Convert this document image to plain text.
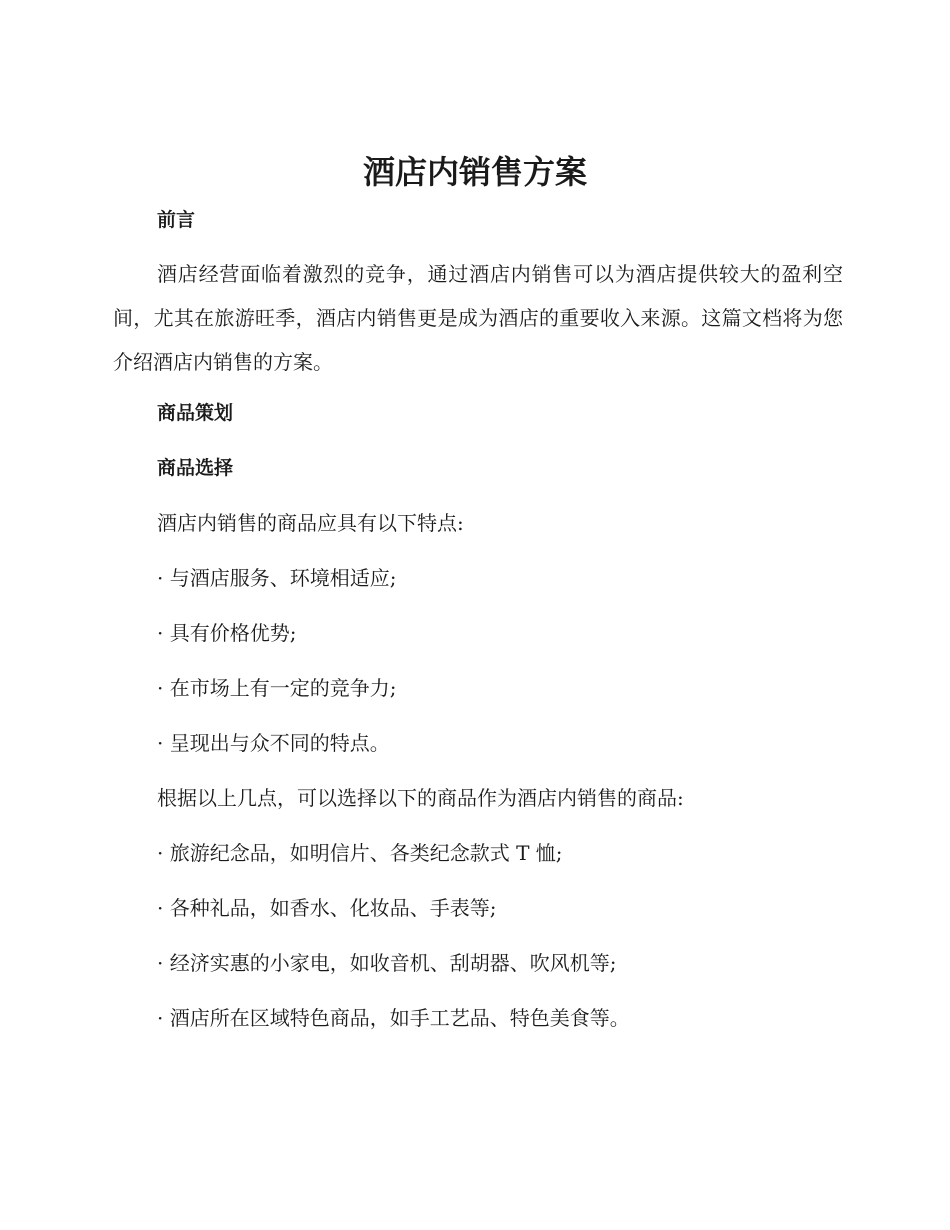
酒店内销售方案
前言

酒店经营面临着激烈的竞争，通过酒店内销售可以为酒店提供较大的盈利空间，尤其在旅游旺季，酒店内销售更是成为酒店的重要收入来源。这篇文档将为您介绍酒店内销售的方案。

商品策划
商品选择
酒店内销售的商品应具有以下特点:
· 与酒店服务、环境相适应;
· 具有价格优势;
· 在市场上有一定的竞争力;
· 呈现出与众不同的特点。
根据以上几点，可以选择以下的商品作为酒店内销售的商品:
· 旅游纪念品，如明信片、各类纪念款式 T 恤;
· 各种礼品，如香水、化妆品、手表等;
· 经济实惠的小家电，如收音机、刮胡器、吹风机等;
· 酒店所在区域特色商品，如手工艺品、特色美食等。
